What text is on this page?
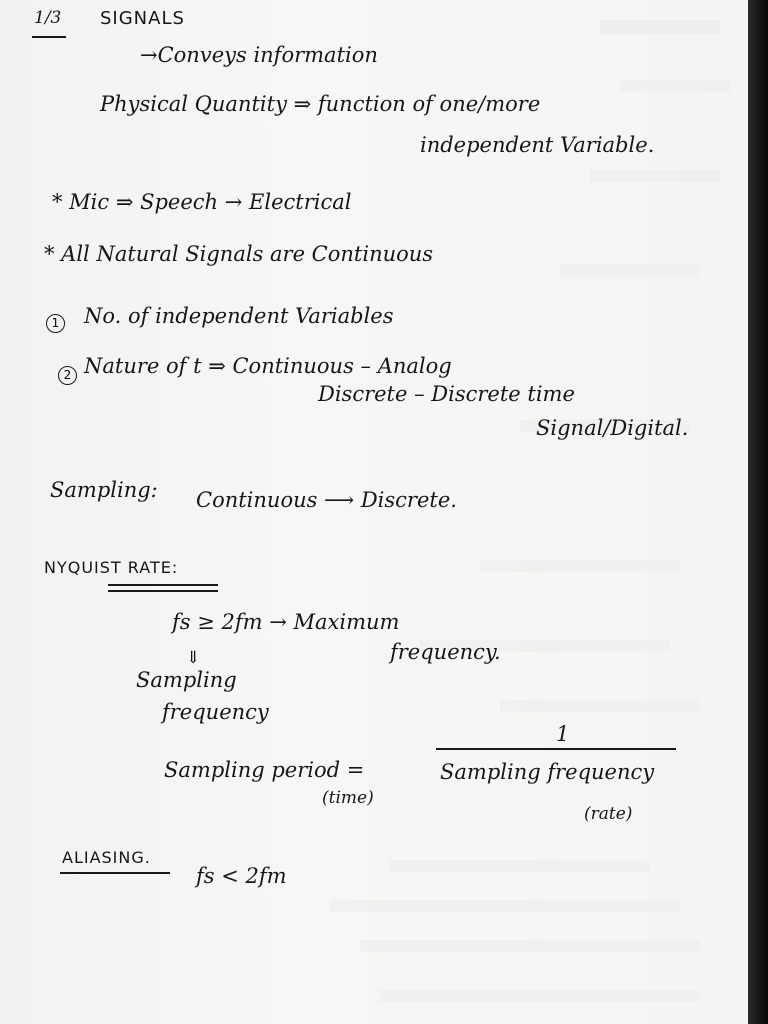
1/3 SIGNALS
→Conveys information
Physical Quantity ⇒ function of one/more
independent Variable.
* Mic ⇒ Speech → Electrical
* All Natural Signals are Continuous
1 No. of independent Variables
2 Nature of t ⇒ Continuous – Analog
Discrete – Discrete time
Signal/Digital.
Sampling: Continuous ⟶ Discrete.
NYQUIST RATE:
fs ≥ 2fm → Maximum
frequency.
⇓
Sampling
frequency
Sampling period =
(time)
1
Sampling frequency
(rate)
ALIASING.
fs < 2fm
